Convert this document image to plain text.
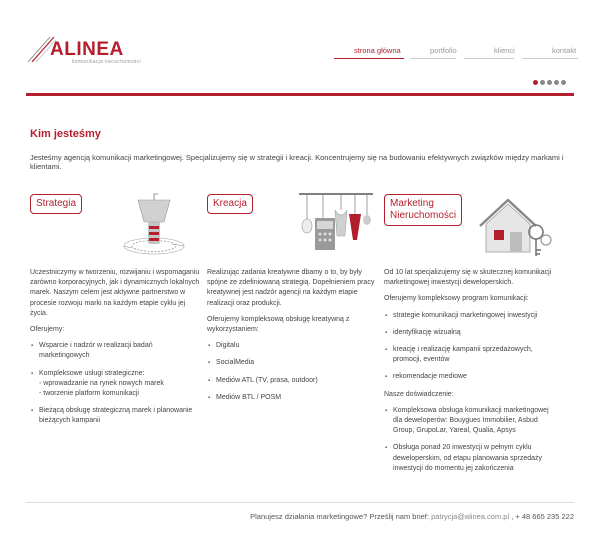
ALINEA
komunikacja nieruchomości
strona główna	portfolio	klienci	kontakt
Kim jesteśmy

Jesteśmy agencją komunikacji marketingowej. Specjalizujemy się w strategii i kreacji. Koncentrujemy się na budowaniu efektywnych związków między markami i klientami.

Strategia

Uczestniczymy w tworzeniu, rozwijaniu i wspomaganiu zarówno korporacyjnych, jak i dynamicznych lokalnych marek. Naszym celem jest aktywne partnerstwo w procesie rozwoju marki na każdym etapie cyklu jej życia.

Oferujemy:

▪ Wsparcie i nadzór w realizacji badań marketingowych
▪ Kompleksowe usługi strategiczne:
- wprowadzanie na rynek nowych marek
- tworzenie platform komunikacji
▪ Bieżącą obsługę strategiczną marek i planowanie bieżących kampanii
Kreacja

Realizując zadania kreatywne dbamy o to, by były spójne ze zdefiniowaną strategią. Dopełnieniem pracy kreatywnej jest nadzór agencji na każdym etapie realizacji oraz produkcji.

Oferujemy kompleksową obsługę kreatywną z wykorzystaniem:

▪ Digitalu
▪ SocialMedia
▪ Mediów ATL (TV, prasa, outdoor)
▪ Mediów BTL / POSM
Marketing
Nieruchomości

Od 10 lat specjalizujemy się w skutecznej komunikacji marketingowej inwestycji deweloperskich.

Oferujemy kompleksowy program komunikacji:

▪ strategie komunikacji marketingowej inwestycji
▪ identyfikację wizualną
▪ kreację i realizację kampanii sprzedażowych, promocji, eventów
▪ rekomendacje mediowe

Nasze doświadczenie:

▪ Kompleksowa obsługa komunikacji marketingowej dla deweloperów: Bouygues Immobilier, Asbud Group, GrupoLar, Yareal, Qualia, Apsys
▪ Obsługa ponad 20 inwestycji w pełnym cyklu deweloperskim, od etapu planowania sprzedaży inwestycji do momentu jej zakończenia
Planujesz działania marketingowe? Prześlij nam brief: patrycja@alinea.com.pl , + 48 665 235 222
